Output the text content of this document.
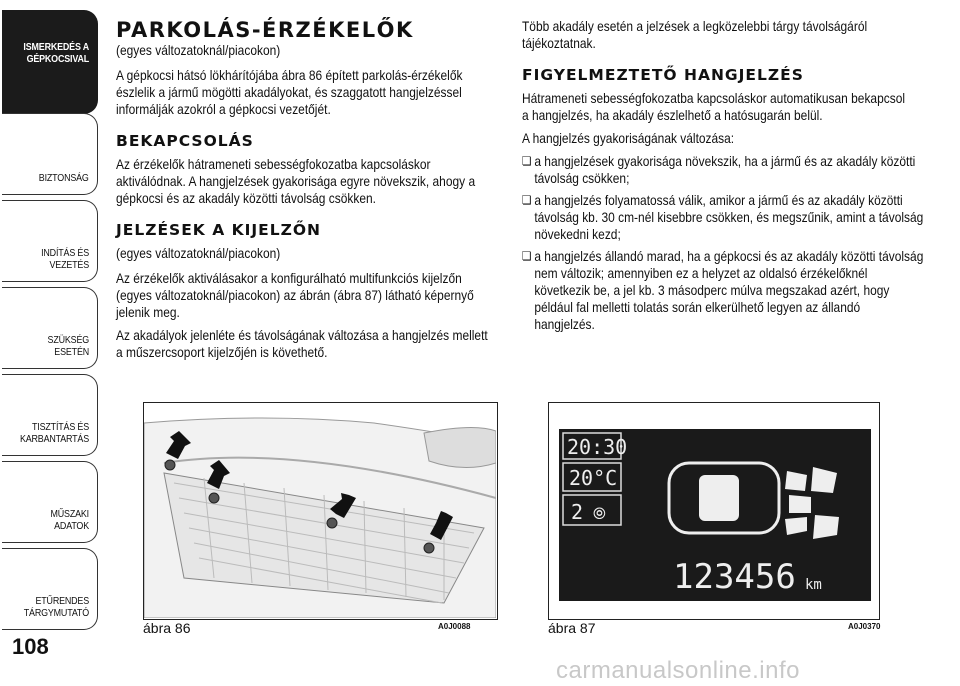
ISMERKEDÉS A GÉPKOCSIVAL
BIZTONSÁG
INDÍTÁS ÉS VEZETÉS
SZÜKSÉG ESETÉN
TISZTÍTÁS ÉS KARBANTARTÁS
MŰSZAKI ADATOK
ETŰRENDES TÁRGYMUTATÓ
108
PARKOLÁS-ÉRZÉKELŐK

(egyes változatoknál/piacokon)

A gépkocsi hátsó lökhárítójába ábra 86 épített parkolás-érzékelők észlelik a jármű mögötti akadályokat, és szaggatott hangjelzéssel informálják azokról a gépkocsi vezetőjét.

BEKAPCSOLÁS

Az érzékelők hátrameneti sebességfokozatba kapcsoláskor aktiválódnak. A hangjelzések gyakorisága egyre növekszik, ahogy a gépkocsi és az akadály közötti távolság csökken.

JELZÉSEK A KIJELZŐN

(egyes változatoknál/piacokon)

Az érzékelők aktiválásakor a konfigurálható multifunkciós kijelzőn (egyes változatoknál/piacokon) az ábrán (ábra 87) látható képernyő jelenik meg.

Az akadályok jelenléte és távolságának változása a hangjelzés mellett a műszercsoport kijelzőjén is követhető.

Több akadály esetén a jelzések a legközelebbi tárgy távolságáról tájékoztatnak.

FIGYELMEZTETŐ HANGJELZÉS

Hátrameneti sebességfokozatba kapcsoláskor automatikusan bekapcsol a hangjelzés, ha akadály észlelhető a hatósugarán belül.

A hangjelzés gyakoriságának változása:

❏ a hangjelzések gyakorisága növekszik, ha a jármű és az akadály közötti távolság csökken;
❏ a hangjelzés folyamatossá válik, amikor a jármű és az akadály közötti távolság kb. 30 cm-nél kisebbre csökken, és megszűnik, amint a távolság növekedni kezd;
❏ a hangjelzés állandó marad, ha a gépkocsi és az akadály közötti távolság nem változik; amennyiben ez a helyzet az oldalsó érzékelőknél következik be, a jel kb. 3 másodperc múlva megszakad azért, hogy például fal melletti tolatás során elkerülhető legyen az állandó hangjelzés.
ábra 86	A0J0088
20:30
20°C
2 ⦾
123456 km
ábra 87	A0J0370
carmanualsonline.info
